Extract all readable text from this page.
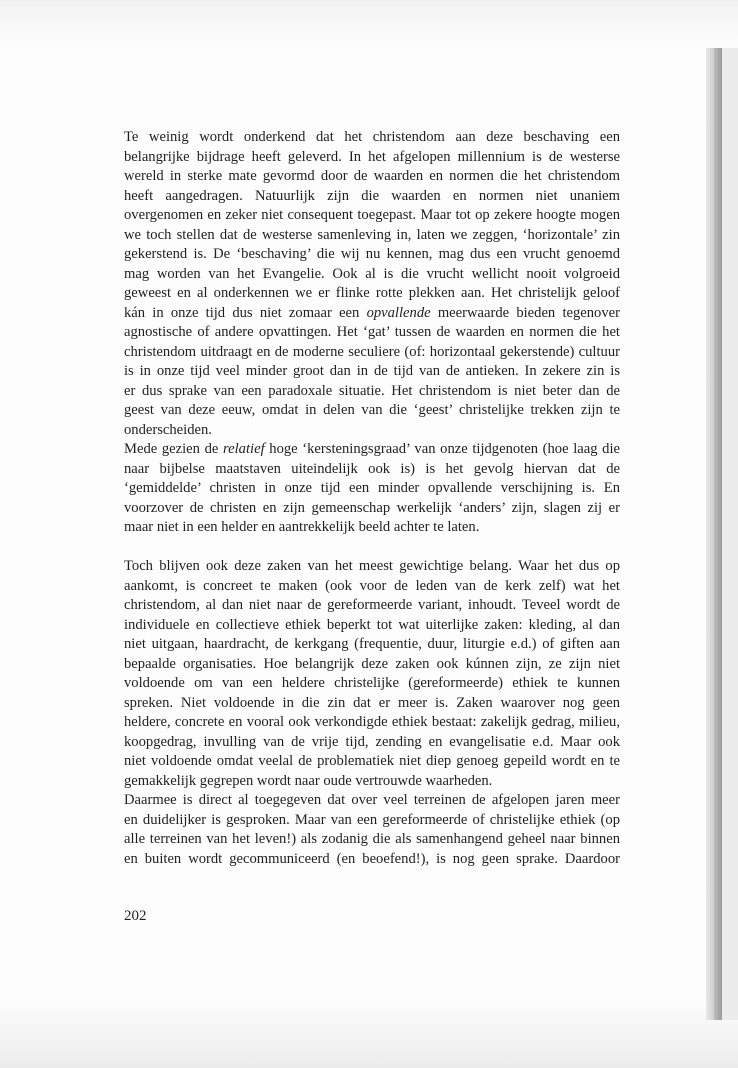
Te weinig wordt onderkend dat het christendom aan deze beschaving een

belangrijke bijdrage heeft geleverd. In het afgelopen millennium is de westerse

wereld in sterke mate gevormd door de waarden en normen die het christendom

heeft aangedragen. Natuurlijk zijn die waarden en normen niet unaniem

overgenomen en zeker niet consequent toegepast. Maar tot op zekere hoogte mogen

we toch stellen dat de westerse samenleving in, laten we zeggen, ‘horizontale’ zin

gekerstend is. De ‘beschaving’ die wij nu kennen, mag dus een vrucht genoemd

mag worden van het Evangelie. Ook al is die vrucht wellicht nooit volgroeid

geweest en al onderkennen we er flinke rotte plekken aan. Het christelijk geloof

kán in onze tijd dus niet zomaar een opvallende meerwaarde bieden tegenover

agnostische of andere opvattingen. Het ‘gat’ tussen de waarden en normen die het

christendom uitdraagt en de moderne seculiere (of: horizontaal gekerstende) cultuur

is in onze tijd veel minder groot dan in de tijd van de antieken. In zekere zin is

er dus sprake van een paradoxale situatie. Het christendom is niet beter dan de

geest van deze eeuw, omdat in delen van die ‘geest’ christelijke trekken zijn te

onderscheiden.

Mede gezien de relatief hoge ‘kersteningsgraad’ van onze tijdgenoten (hoe laag die

naar bijbelse maatstaven uiteindelijk ook is) is het gevolg hiervan dat de

‘gemiddelde’ christen in onze tijd een minder opvallende verschijning is. En

voorzover de christen en zijn gemeenschap werkelijk ‘anders’ zijn, slagen zij er

maar niet in een helder en aantrekkelijk beeld achter te laten.

Toch blijven ook deze zaken van het meest gewichtige belang. Waar het dus op

aankomt, is concreet te maken (ook voor de leden van de kerk zelf) wat het

christendom, al dan niet naar de gereformeerde variant, inhoudt. Teveel wordt de

individuele en collectieve ethiek beperkt tot wat uiterlijke zaken: kleding, al dan

niet uitgaan, haardracht, de kerkgang (frequentie, duur, liturgie e.d.) of giften aan

bepaalde organisaties. Hoe belangrijk deze zaken ook kúnnen zijn, ze zijn niet

voldoende om van een heldere christelijke (gereformeerde) ethiek te kunnen

spreken. Niet voldoende in die zin dat er meer is. Zaken waarover nog geen

heldere, concrete en vooral ook verkondigde ethiek bestaat: zakelijk gedrag, milieu,

koopgedrag, invulling van de vrije tijd, zending en evangelisatie e.d. Maar ook

niet voldoende omdat veelal de problematiek niet diep genoeg gepeild wordt en te

gemakkelijk gegrepen wordt naar oude vertrouwde waarheden.

Daarmee is direct al toegegeven dat over veel terreinen de afgelopen jaren meer

en duidelijker is gesproken. Maar van een gereformeerde of christelijke ethiek (op

alle terreinen van het leven!) als zodanig die als samenhangend geheel naar binnen

en buiten wordt gecommuniceerd (en beoefend!), is nog geen sprake. Daardoor

202
